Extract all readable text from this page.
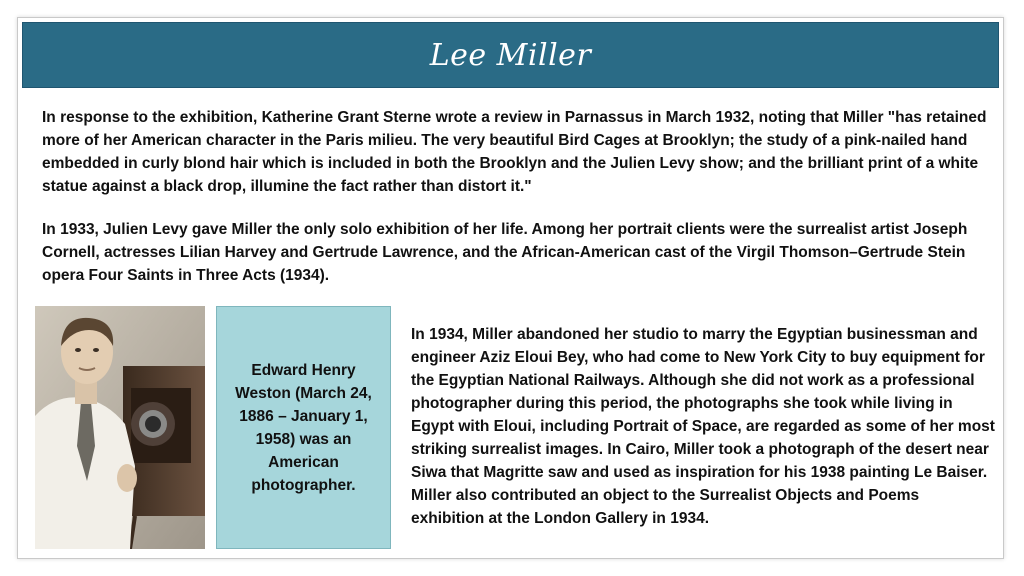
Lee Miller

In response to the exhibition, Katherine Grant Sterne wrote a review in Parnassus in March 1932, noting that Miller "has retained more of her American character in the Paris milieu. The very beautiful Bird Cages at Brooklyn; the study of a pink-nailed hand embedded in curly blond hair which is included in both the Brooklyn and the Julien Levy show; and the brilliant print of a white statue against a black drop, illumine the fact rather than distort it."

In 1933, Julien Levy gave Miller the only solo exhibition of her life. Among her portrait clients were the surrealist artist Joseph Cornell, actresses Lilian Harvey and Gertrude Lawrence, and the African-American cast of the Virgil Thomson–Gertrude Stein opera Four Saints in Three Acts (1934).

Edward Henry Weston (March 24, 1886 – January 1, 1958) was an American photographer.

In 1934, Miller abandoned her studio to marry the Egyptian businessman and engineer Aziz Eloui Bey, who had come to New York City to buy equipment for the Egyptian National Railways. Although she did not work as a professional photographer during this period, the photographs she took while living in Egypt with Eloui, including Portrait of Space, are regarded as some of her most striking surrealist images. In Cairo, Miller took a photograph of the desert near Siwa that Magritte saw and used as inspiration for his 1938 painting Le Baiser. Miller also contributed an object to the Surrealist Objects and Poems exhibition at the London Gallery in 1934.
